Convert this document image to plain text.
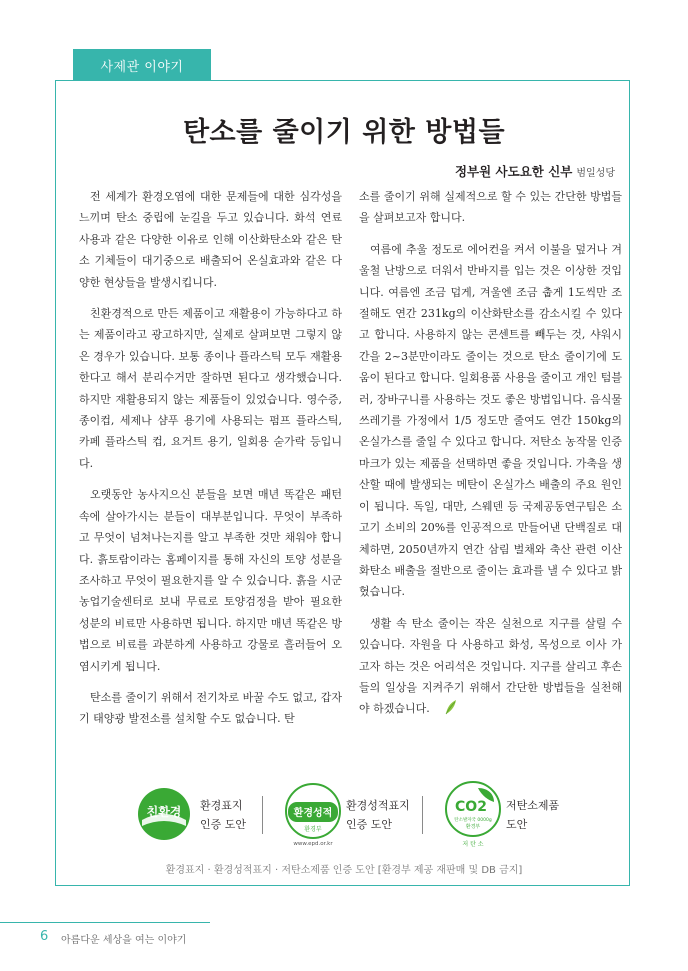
사제관 이야기
탄소를 줄이기 위한 방법들
정부원 사도요한 신부 범일성당

전 세계가 환경오염에 대한 문제들에 대한 심각성을 느끼며 탄소 중립에 눈길을 두고 있습니다. 화석 연료 사용과 같은 다양한 이유로 인해 이산화탄소와 같은 탄소 기체들이 대기중으로 배출되어 온실효과와 같은 다양한 현상들을 발생시킵니다.

친환경적으로 만든 제품이고 재활용이 가능하다고 하는 제품이라고 광고하지만, 실제로 살펴보면 그렇지 않은 경우가 있습니다. 보통 종이나 플라스틱 모두 재활용한다고 해서 분리수거만 잘하면 된다고 생각했습니다. 하지만 재활용되지 않는 제품들이 있었습니다. 영수증, 종이컵, 세제나 샴푸 용기에 사용되는 펌프 플라스틱, 카페 플라스틱 컵, 요거트 용기, 일회용 숟가락 등입니다.

오랫동안 농사지으신 분들을 보면 매년 똑같은 패턴 속에 살아가시는 분들이 대부분입니다. 무엇이 부족하고 무엇이 넘쳐나는지를 알고 부족한 것만 채워야 합니다. 흙토람이라는 홈페이지를 통해 자신의 토양 성분을 조사하고 무엇이 필요한지를 알 수 있습니다. 흙을 시군농업기술센터로 보내 무료로 토양검정을 받아 필요한 성분의 비료만 사용하면 됩니다. 하지만 매년 똑같은 방법으로 비료를 과분하게 사용하고 강물로 흘러들어 오염시키게 됩니다.

탄소를 줄이기 위해서 전기차로 바꿀 수도 없고, 갑자기 태양광 발전소를 설치할 수도 없습니다. 탄

소를 줄이기 위해 실제적으로 할 수 있는 간단한 방법들을 살펴보고자 합니다.

여름에 추울 정도로 에어컨을 켜서 이불을 덮거나 겨울철 난방으로 더워서 반바지를 입는 것은 이상한 것입니다. 여름엔 조금 덥게, 겨울엔 조금 춥게 1도씩만 조절해도 연간 231kg의 이산화탄소를 감소시킬 수 있다고 합니다. 사용하지 않는 콘센트를 빼두는 것, 샤워시간을 2~3분만이라도 줄이는 것으로 탄소 줄이기에 도움이 된다고 합니다. 일회용품 사용을 줄이고 개인 텀블러, 장바구니를 사용하는 것도 좋은 방법입니다. 음식물 쓰레기를 가정에서 1/5 정도만 줄여도 연간 150kg의 온실가스를 줄일 수 있다고 합니다. 저탄소 농작물 인증 마크가 있는 제품을 선택하면 좋을 것입니다. 가축을 생산할 때에 발생되는 메탄이 온실가스 배출의 주요 원인이 됩니다. 독일, 대만, 스웨덴 등 국제공동연구팀은 소고기 소비의 20%를 인공적으로 만들어낸 단백질로 대체하면, 2050년까지 연간 삼림 벌채와 축산 관련 이산화탄소 배출을 절반으로 줄이는 효과를 낼 수 있다고 밝혔습니다.

생활 속 탄소 줄이는 작은 실천으로 지구를 살릴 수 있습니다. 자원을 다 사용하고 화성, 목성으로 이사 가고자 하는 것은 어리석은 것입니다. 지구를 살리고 후손들의 일상을 지켜주기 위해서 간단한 방법들을 실천해야 하겠습니다.

친환경
환경부
환경표지
인증 도안
환경성적
환경부
www.epd.or.kr
환경성적표지
인증 도안
CO2
탄소발자국 0000g
환경부
저 탄 소
저탄소제품
도안
환경표지 · 환경성적표지 · 저탄소제품 인증 도안 [환경부 제공 재판매 및 DB 금지]
6 아름다운 세상을 여는 이야기
